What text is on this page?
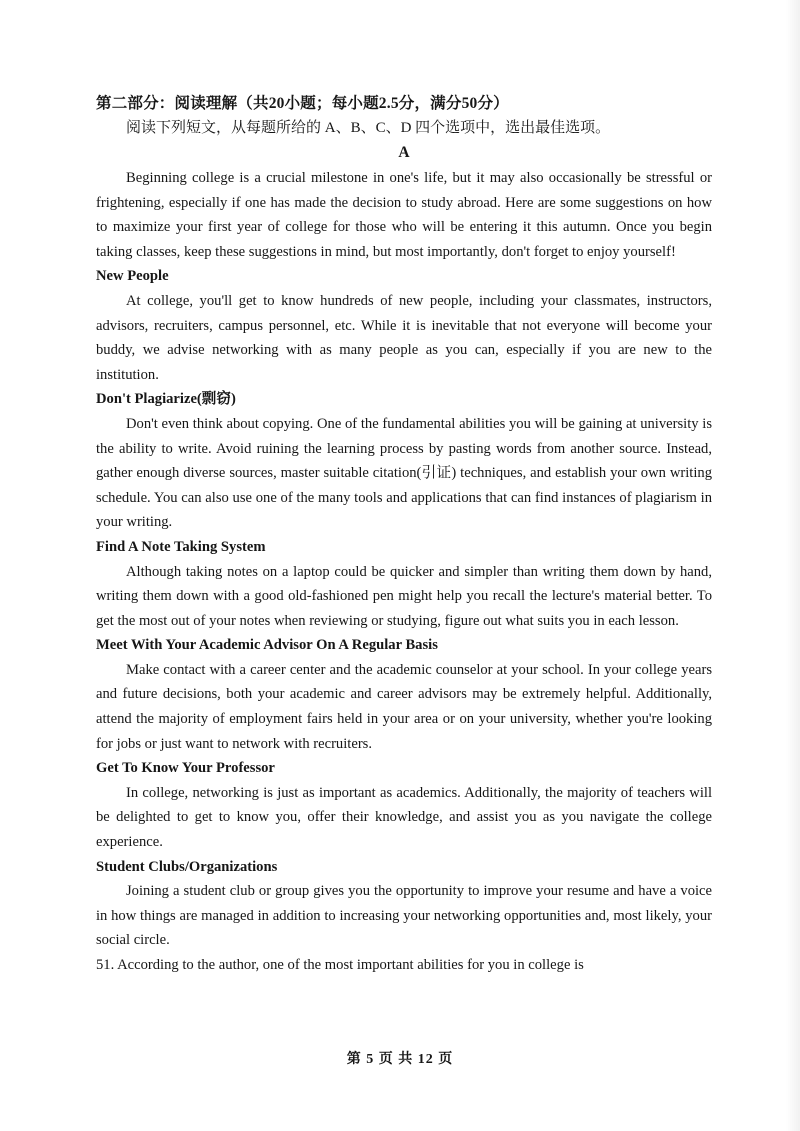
第二部分：阅读理解（共20小题；每小题2.5分，满分50分）
阅读下列短文，从每题所给的 A、B、C、D 四个选项中，选出最佳选项。
A

Beginning college is a crucial milestone in one's life, but it may also occasionally be stressful or frightening, especially if one has made the decision to study abroad. Here are some suggestions on how to maximize your first year of college for those who will be entering it this autumn. Once you begin taking classes, keep these suggestions in mind, but most importantly, don't forget to enjoy yourself!

New People

At college, you'll get to know hundreds of new people, including your classmates, instructors, advisors, recruiters, campus personnel, etc. While it is inevitable that not everyone will become your buddy, we advise networking with as many people as you can, especially if you are new to the institution.

Don't Plagiarize(剽窃)

Don't even think about copying. One of the fundamental abilities you will be gaining at university is the ability to write. Avoid ruining the learning process by pasting words from another source. Instead, gather enough diverse sources, master suitable citation(引证) techniques, and establish your own writing schedule. You can also use one of the many tools and applications that can find instances of plagiarism in your writing.

Find A Note Taking System

Although taking notes on a laptop could be quicker and simpler than writing them down by hand, writing them down with a good old-fashioned pen might help you recall the lecture's material better. To get the most out of your notes when reviewing or studying, figure out what suits you in each lesson.

Meet With Your Academic Advisor On A Regular Basis

Make contact with a career center and the academic counselor at your school. In your college years and future decisions, both your academic and career advisors may be extremely helpful. Additionally, attend the majority of employment fairs held in your area or on your university, whether you're looking for jobs or just want to network with recruiters.

Get To Know Your Professor

In college, networking is just as important as academics. Additionally, the majority of teachers will be delighted to get to know you, offer their knowledge, and assist you as you navigate the college experience.

Student Clubs/Organizations

Joining a student club or group gives you the opportunity to improve your resume and have a voice in how things are managed in addition to increasing your networking opportunities and, most likely, your social circle.

51. According to the author, one of the most important abilities for you in college is

第 5 页 共 12 页
